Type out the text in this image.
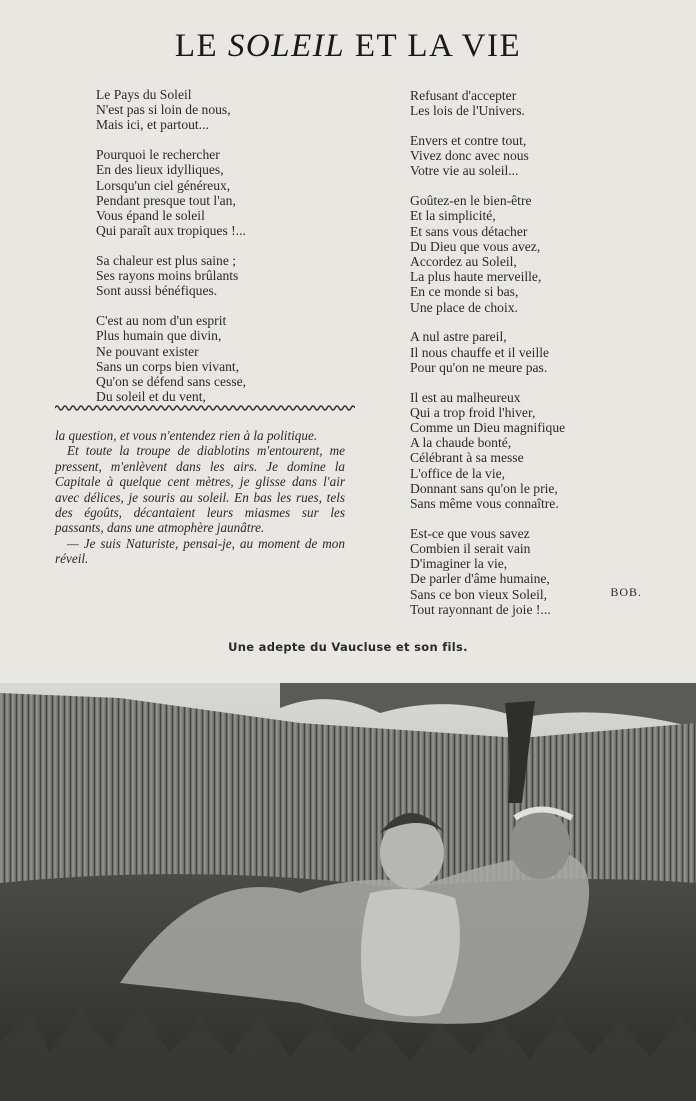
LE SOLEIL ET LA VIE
Le Pays du Soleil
N'est pas si loin de nous,
Mais ici, et partout...
Pourquoi le rechercher
En des lieux idylliques,
Lorsqu'un ciel généreux,
Pendant presque tout l'an,
Vous épand le soleil
Qui paraît aux tropiques !...
Sa chaleur est plus saine ;
Ses rayons moins brûlants
Sont aussi bénéfiques.
C'est au nom d'un esprit
Plus humain que divin,
Ne pouvant exister
Sans un corps bien vivant,
Qu'on se défend sans cesse,
Du soleil et du vent,
Refusant d'accepter
Les lois de l'Univers.
Envers et contre tout,
Vivez donc avec nous
Votre vie au soleil...
Goûtez-en le bien-être
Et la simplicité,
Et sans vous détacher
Du Dieu que vous avez,
Accordez au Soleil,
La plus haute merveille,
En ce monde si bas,
Une place de choix.
A nul astre pareil,
Il nous chauffe et il veille
Pour qu'on ne meure pas.
Il est au malheureux
Qui a trop froid l'hiver,
Comme un Dieu magnifique
A la chaude bonté,
Célébrant à sa messe
L'office de la vie,
Donnant sans qu'on le prie,
Sans même vous connaître.
Est-ce que vous savez
Combien il serait vain
D'imaginer la vie,
De parler d'âme humaine,
Sans ce bon vieux Soleil,
Tout rayonnant de joie !...

la question, et vous n'entendez rien à la politique.

Et toute la troupe de diablotins m'entourent, me pressent, m'enlèvent dans les airs. Je domine la Capitale à quelque cent mètres, je glisse dans l'air avec délices, je souris au soleil. En bas les rues, tels des égoûts, décantaient leurs miasmes sur les passants, dans une atmophère jaunâtre.

— Je suis Naturiste, pensai-je, au moment de mon réveil.

BOB.
Une adepte du Vaucluse et son fils.
